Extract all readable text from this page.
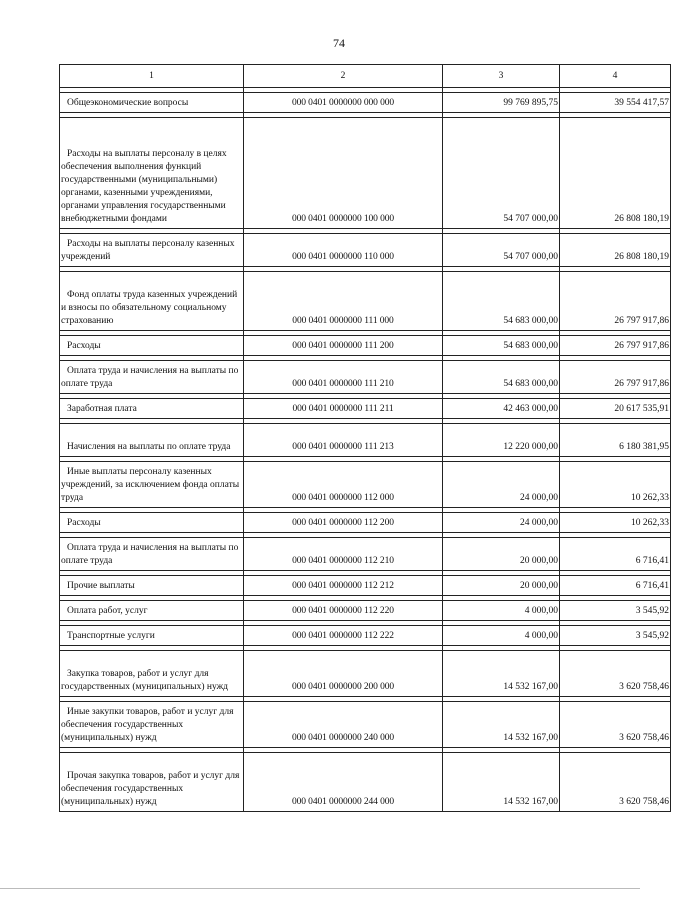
74
1	2	3	4

Общеэкономические вопросы	000 0401 0000000 000 000	99 769 895,75	39 554 417,57

Расходы на выплаты персоналу в целях обеспечения выполнения функций государственными (муниципальными) органами, казенными учреждениями, органами управления государственными внебюджетными фондами	000 0401 0000000 100 000	54 707 000,00	26 808 180,19

Расходы на выплаты персоналу казенных учреждений	000 0401 0000000 110 000	54 707 000,00	26 808 180,19

Фонд оплаты труда казенных учреждений и взносы по обязательному социальному страхованию	000 0401 0000000 111 000	54 683 000,00	26 797 917,86

Расходы	000 0401 0000000 111 200	54 683 000,00	26 797 917,86

Оплата труда и начисления на выплаты по оплате труда	000 0401 0000000 111 210	54 683 000,00	26 797 917,86

Заработная плата	000 0401 0000000 111 211	42 463 000,00	20 617 535,91

Начисления на выплаты по оплате труда	000 0401 0000000 111 213	12 220 000,00	6 180 381,95

Иные выплаты персоналу казенных учреждений, за исключением фонда оплаты труда	000 0401 0000000 112 000	24 000,00	10 262,33

Расходы	000 0401 0000000 112 200	24 000,00	10 262,33

Оплата труда и начисления на выплаты по оплате труда	000 0401 0000000 112 210	20 000,00	6 716,41

Прочие выплаты	000 0401 0000000 112 212	20 000,00	6 716,41

Оплата работ, услуг	000 0401 0000000 112 220	4 000,00	3 545,92

Транспортные услуги	000 0401 0000000 112 222	4 000,00	3 545,92

Закупка товаров, работ и услуг для государственных (муниципальных) нужд	000 0401 0000000 200 000	14 532 167,00	3 620 758,46

Иные закупки товаров, работ и услуг для обеспечения государственных (муниципальных) нужд	000 0401 0000000 240 000	14 532 167,00	3 620 758,46

Прочая закупка товаров, работ и услуг для обеспечения государственных (муниципальных) нужд	000 0401 0000000 244 000	14 532 167,00	3 620 758,46
